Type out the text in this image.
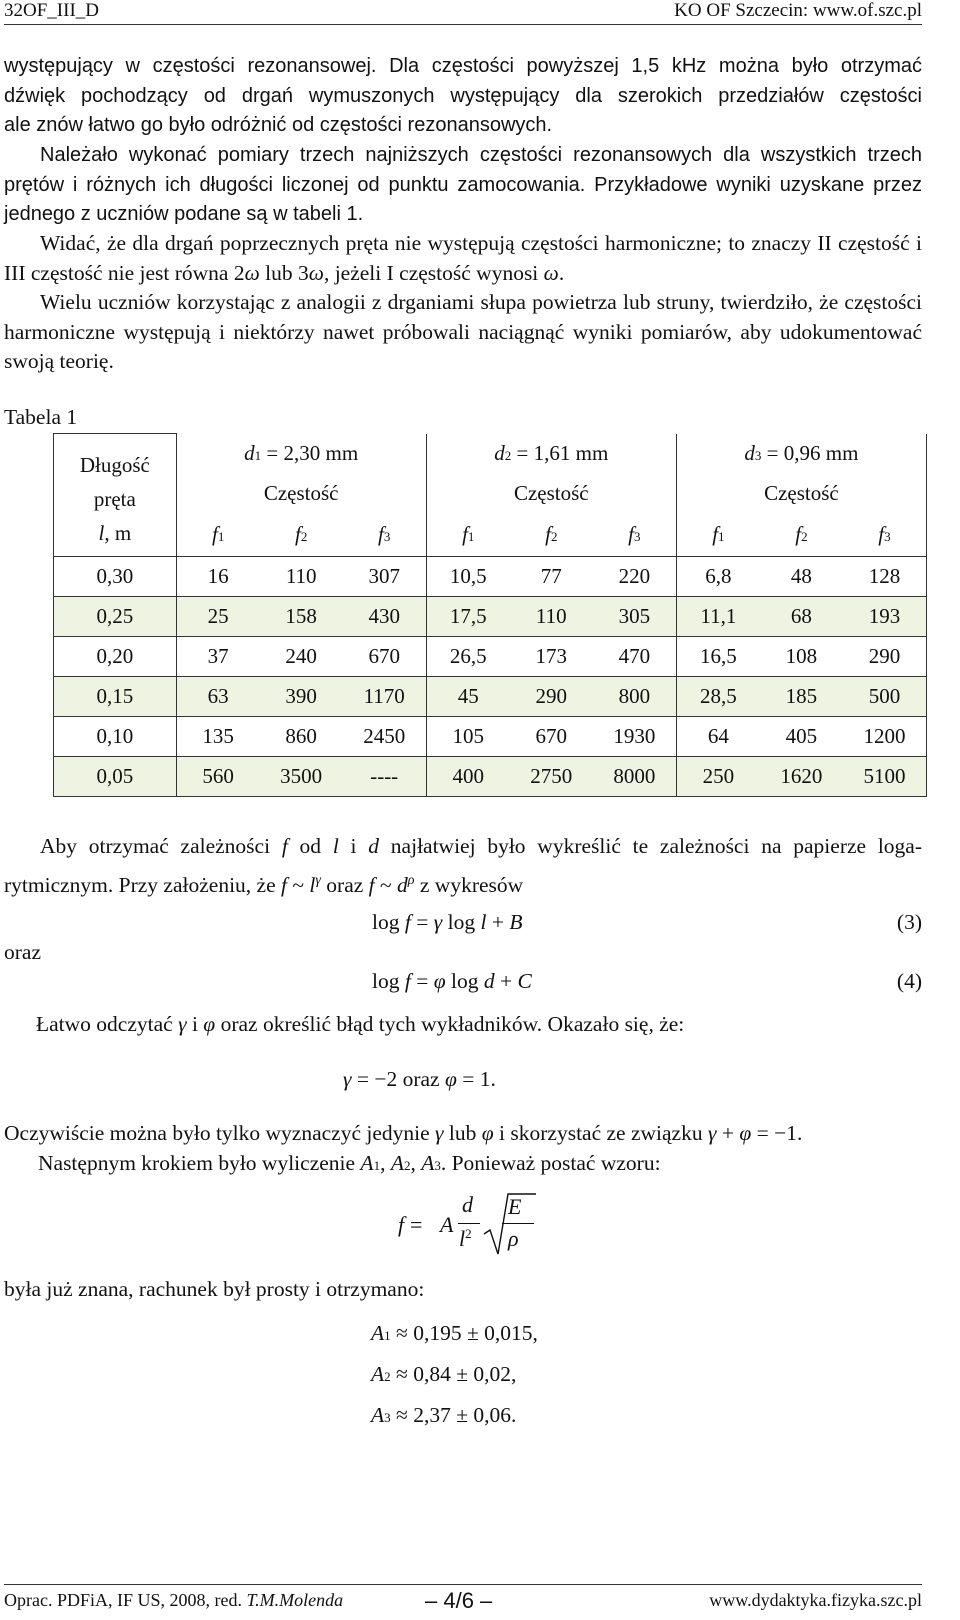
32OF_III_D	KO OF Szczecin: www.of.szc.pl
występujący w częstości rezonansowej. Dla częstości powyższej 1,5 kHz można było otrzymać
dźwięk pochodzący od drgań wymuszonych występujący dla szerokich przedziałów częstości
ale znów łatwo go było odróżnić od częstości rezonansowych.

Należało wykonać pomiary trzech najniższych częstości rezonansowych dla wszystkich trzech prętów i różnych ich długości liczonej od punktu zamocowania. Przykładowe wyniki uzyskane przez jednego z uczniów podane są w tabeli 1.

Widać, że dla drgań poprzecznych pręta nie występują częstości harmoniczne; to znaczy II częstość i III częstość nie jest równa 2ω lub 3ω, jeżeli I częstość wynosi ω.

Wielu uczniów korzystając z analogii z drganiami słupa powietrza lub struny, twierdziło, że częstości harmoniczne występują i niektórzy nawet próbowali naciągnąć wyniki pomiarów, aby udokumentować swoją teorię.

Tabela 1
Długość
pręta
l, m	d1 = 2,30 mm	d2 = 1,61 mm	d3 = 0,96 mm
	Częstość	Częstość	Częstość

	f1 f2 f3	f1 f2 f3	f1 f2 f3

0,30	16 110 307	10,5 77 220	6,8 48 128

0,25	25 158 430	17,5 110 305	11,1 68 193

0,20	37 240 670	26,5 173 470	16,5 108 290

0,15	63 390 1170	45 290 800	28,5 185 500

0,10	135 860 2450	105 670 1930	64 405 1200

0,05	560 3500 ----	400 2750 8000	250 1620 5100

Aby otrzymać zależności f od l i d najłatwiej było wykreślić te zależności na papierze loga-

rytmicznym. Przy założeniu, że f ~ $l^\gamma$ oraz f ~ $d^\rho$ z wykresów

log f = γ log l + B	(3)
oraz
log f = φ log d + C	(4)
Łatwo odczytać γ i φ oraz określić błąd tych wykładników. Okazało się, że:
γ = −2 oraz φ = 1.
Oczywiście można było tylko wyznaczyć jedynie γ lub φ i skorzystać ze związku γ + φ = −1.
Następnym krokiem było wyliczenie A1, A2, A3. Ponieważ postać wzoru:
f = A
d
$l^2$
E
ρ
była już znana, rachunek był prosty i otrzymano:
A1 ≈ 0,195 ± 0,015,
A2 ≈ 0,84 ± 0,02,
A3 ≈ 2,37 ± 0,06.
Oprac. PDFiA, IF US, 2008, red. T.M.Molenda	– 4/6 –	www.dydaktyka.fizyka.szc.pl
